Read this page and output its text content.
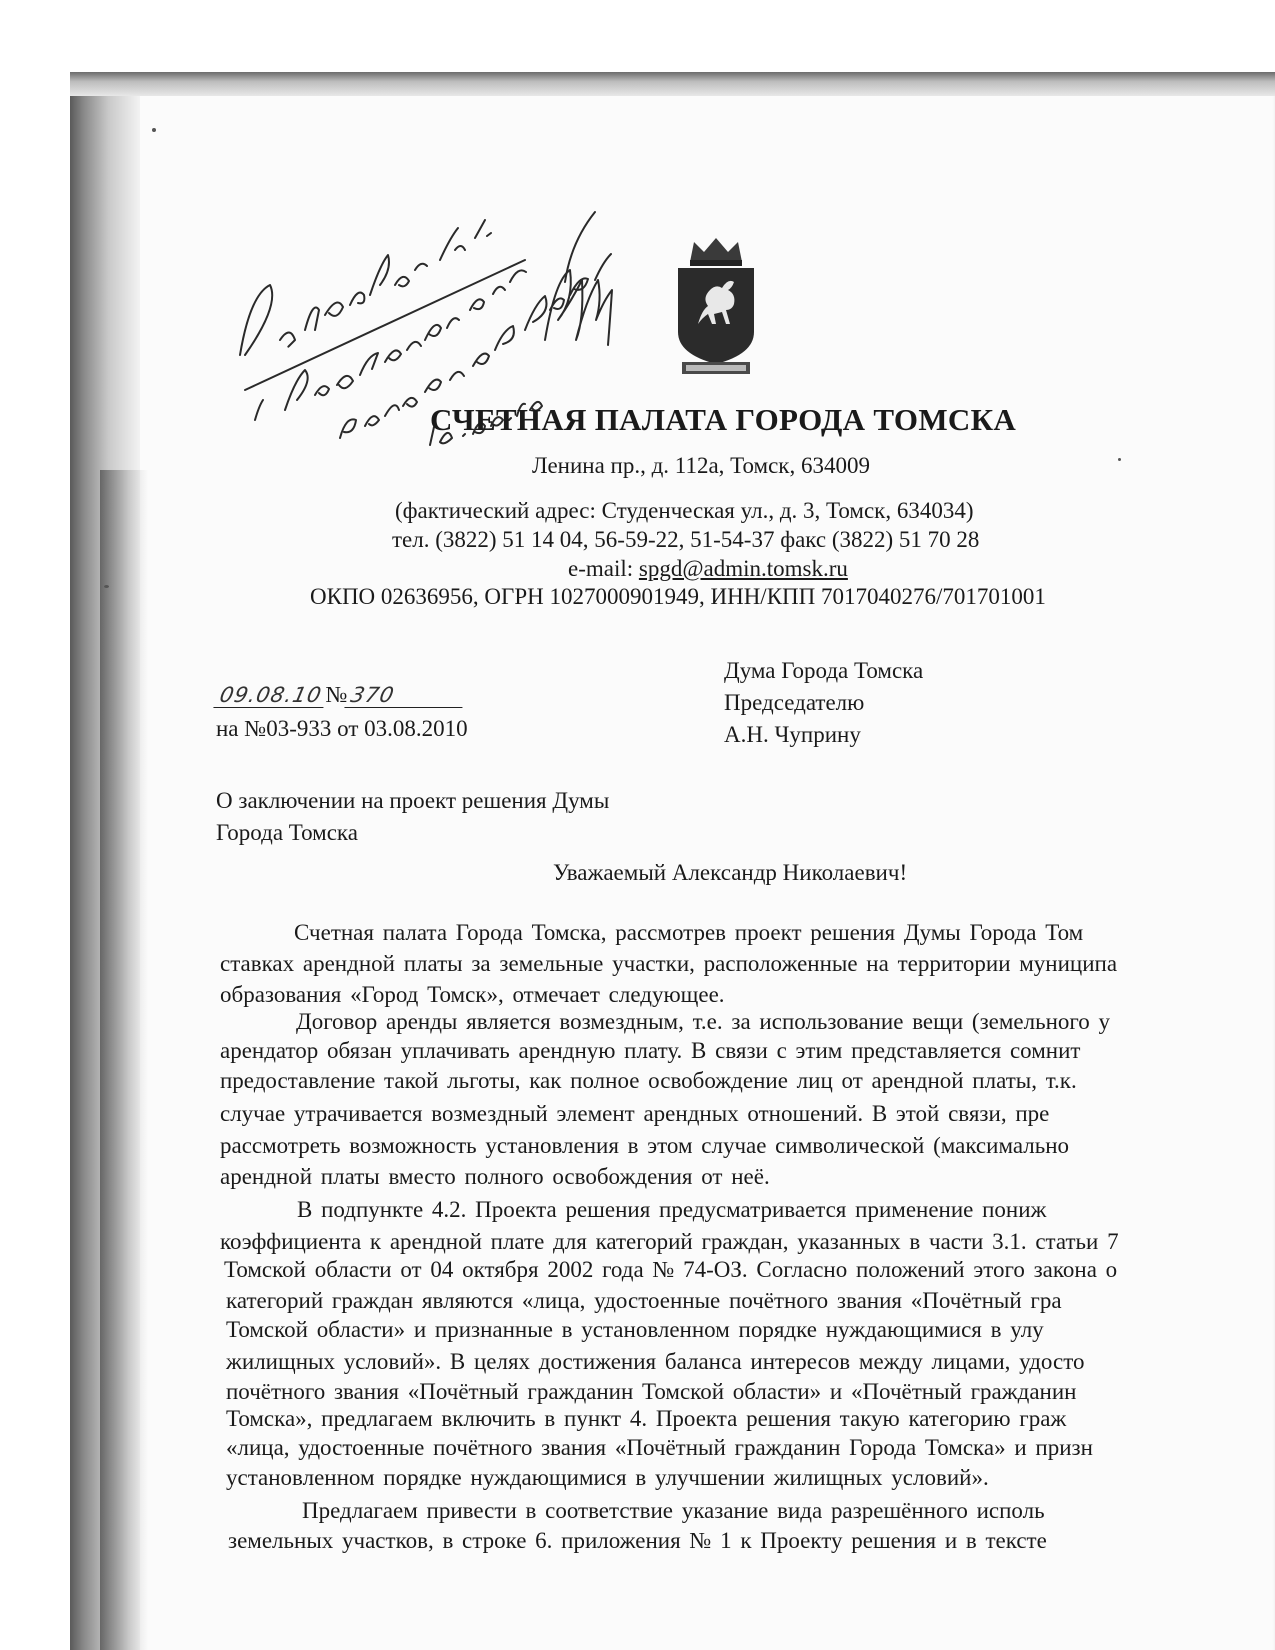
СЧЕТНАЯ ПАЛАТА ГОРОДА ТОМСКА
Ленина пр., д. 112а, Томск, 634009
(фактический адрес: Студенческая ул., д. 3, Томск, 634034)
тел. (3822) 51 14 04, 56-59-22, 51-54-37 факс (3822) 51 70 28
e-mail: spgd@admin.tomsk.ru
ОКПО 02636956, ОГРН 1027000901949, ИНН/КПП 7017040276/701701001
09.08.10№370
на №03-933 от 03.08.2010
Дума Города Томска
Председателю
А.Н. Чуприну
О заключении на проект решения Думы
Города Томска
Уважаемый Александр Николаевич!
Счетная палата Города Томска, рассмотрев проект решения Думы Города Том
ставках арендной платы за земельные участки, расположенные на территории муниципа
образования «Город Томск», отмечает следующее.
Договор аренды является возмездным, т.е. за использование вещи (земельного у
арендатор обязан уплачивать арендную плату. В связи с этим представляется сомнит
предоставление такой льготы, как полное освобождение лиц от арендной платы, т.к.
случае утрачивается возмездный элемент арендных отношений. В этой связи, пре
рассмотреть возможность установления в этом случае символической (максимально
арендной платы вместо полного освобождения от неё.
В подпункте 4.2. Проекта решения предусматривается применение пониж
коэффициента к арендной плате для категорий граждан, указанных в части 3.1. статьи 7
Томской области от 04 октября 2002 года № 74-ОЗ. Согласно положений этого закона о
категорий граждан являются «лица, удостоенные почётного звания «Почётный гра
Томской области» и признанные в установленном порядке нуждающимися в улу
жилищных условий». В целях достижения баланса интересов между лицами, удосто
почётного звания «Почётный гражданин Томской области» и «Почётный гражданин
Томска», предлагаем включить в пункт 4. Проекта решения такую категорию граж
«лица, удостоенные почётного звания «Почётный гражданин Города Томска» и призн
установленном порядке нуждающимися в улучшении жилищных условий».
Предлагаем привести в соответствие указание вида разрешённого исполь
земельных участков, в строке 6. приложения № 1 к Проекту решения и в тексте
